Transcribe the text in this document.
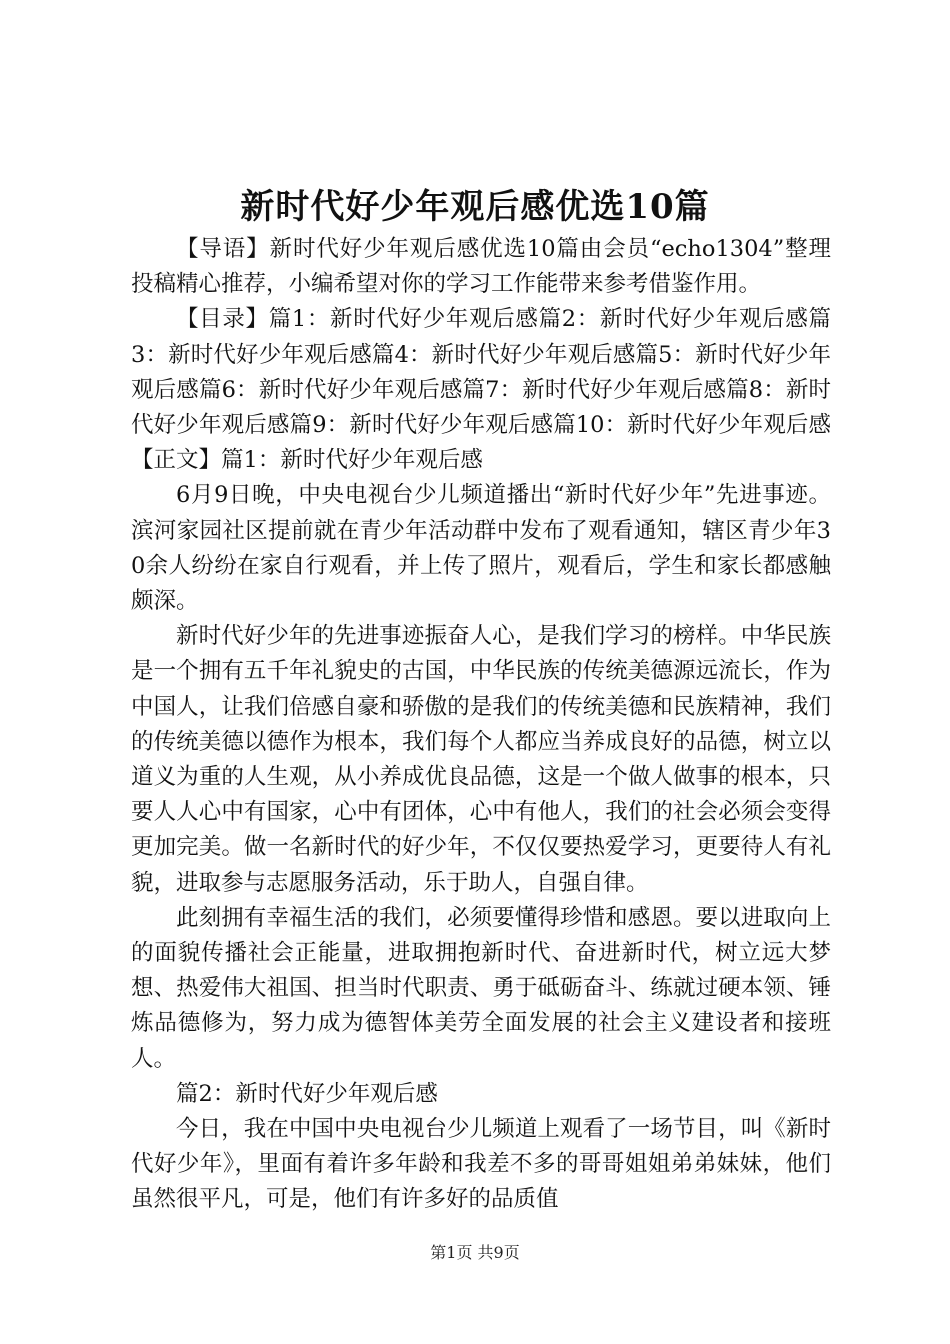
新时代好少年观后感优选10篇

【导语】新时代好少年观后感优选10篇由会员“echo1304”整理投稿精心推荐，小编希望对你的学习工作能带来参考借鉴作用。

【目录】篇1：新时代好少年观后感篇2：新时代好少年观后感篇3：新时代好少年观后感篇4：新时代好少年观后感篇5：新时代好少年观后感篇6：新时代好少年观后感篇7：新时代好少年观后感篇8：新时代好少年观后感篇9：新时代好少年观后感篇10：新时代好少年观后感【正文】篇1：新时代好少年观后感

6月9日晚，中央电视台少儿频道播出“新时代好少年”先进事迹。滨河家园社区提前就在青少年活动群中发布了观看通知，辖区青少年30余人纷纷在家自行观看，并上传了照片，观看后，学生和家长都感触颇深。

新时代好少年的先进事迹振奋人心，是我们学习的榜样。中华民族是一个拥有五千年礼貌史的古国，中华民族的传统美德源远流长，作为中国人，让我们倍感自豪和骄傲的是我们的传统美德和民族精神，我们的传统美德以德作为根本，我们每个人都应当养成良好的品德，树立以道义为重的人生观，从小养成优良品德，这是一个做人做事的根本，只要人人心中有国家，心中有团体，心中有他人，我们的社会必须会变得更加完美。做一名新时代的好少年，不仅仅要热爱学习，更要待人有礼貌，进取参与志愿服务活动，乐于助人，自强自律。

此刻拥有幸福生活的我们，必须要懂得珍惜和感恩。要以进取向上的面貌传播社会正能量，进取拥抱新时代、奋进新时代，树立远大梦想、热爱伟大祖国、担当时代职责、勇于砥砺奋斗、练就过硬本领、锤炼品德修为，努力成为德智体美劳全面发展的社会主义建设者和接班人。

篇2：新时代好少年观后感

今日，我在中国中央电视台少儿频道上观看了一场节目，叫《新时代好少年》，里面有着许多年龄和我差不多的哥哥姐姐弟弟妹妹，他们虽然很平凡，可是，他们有许多好的品质值

第1页 共9页
